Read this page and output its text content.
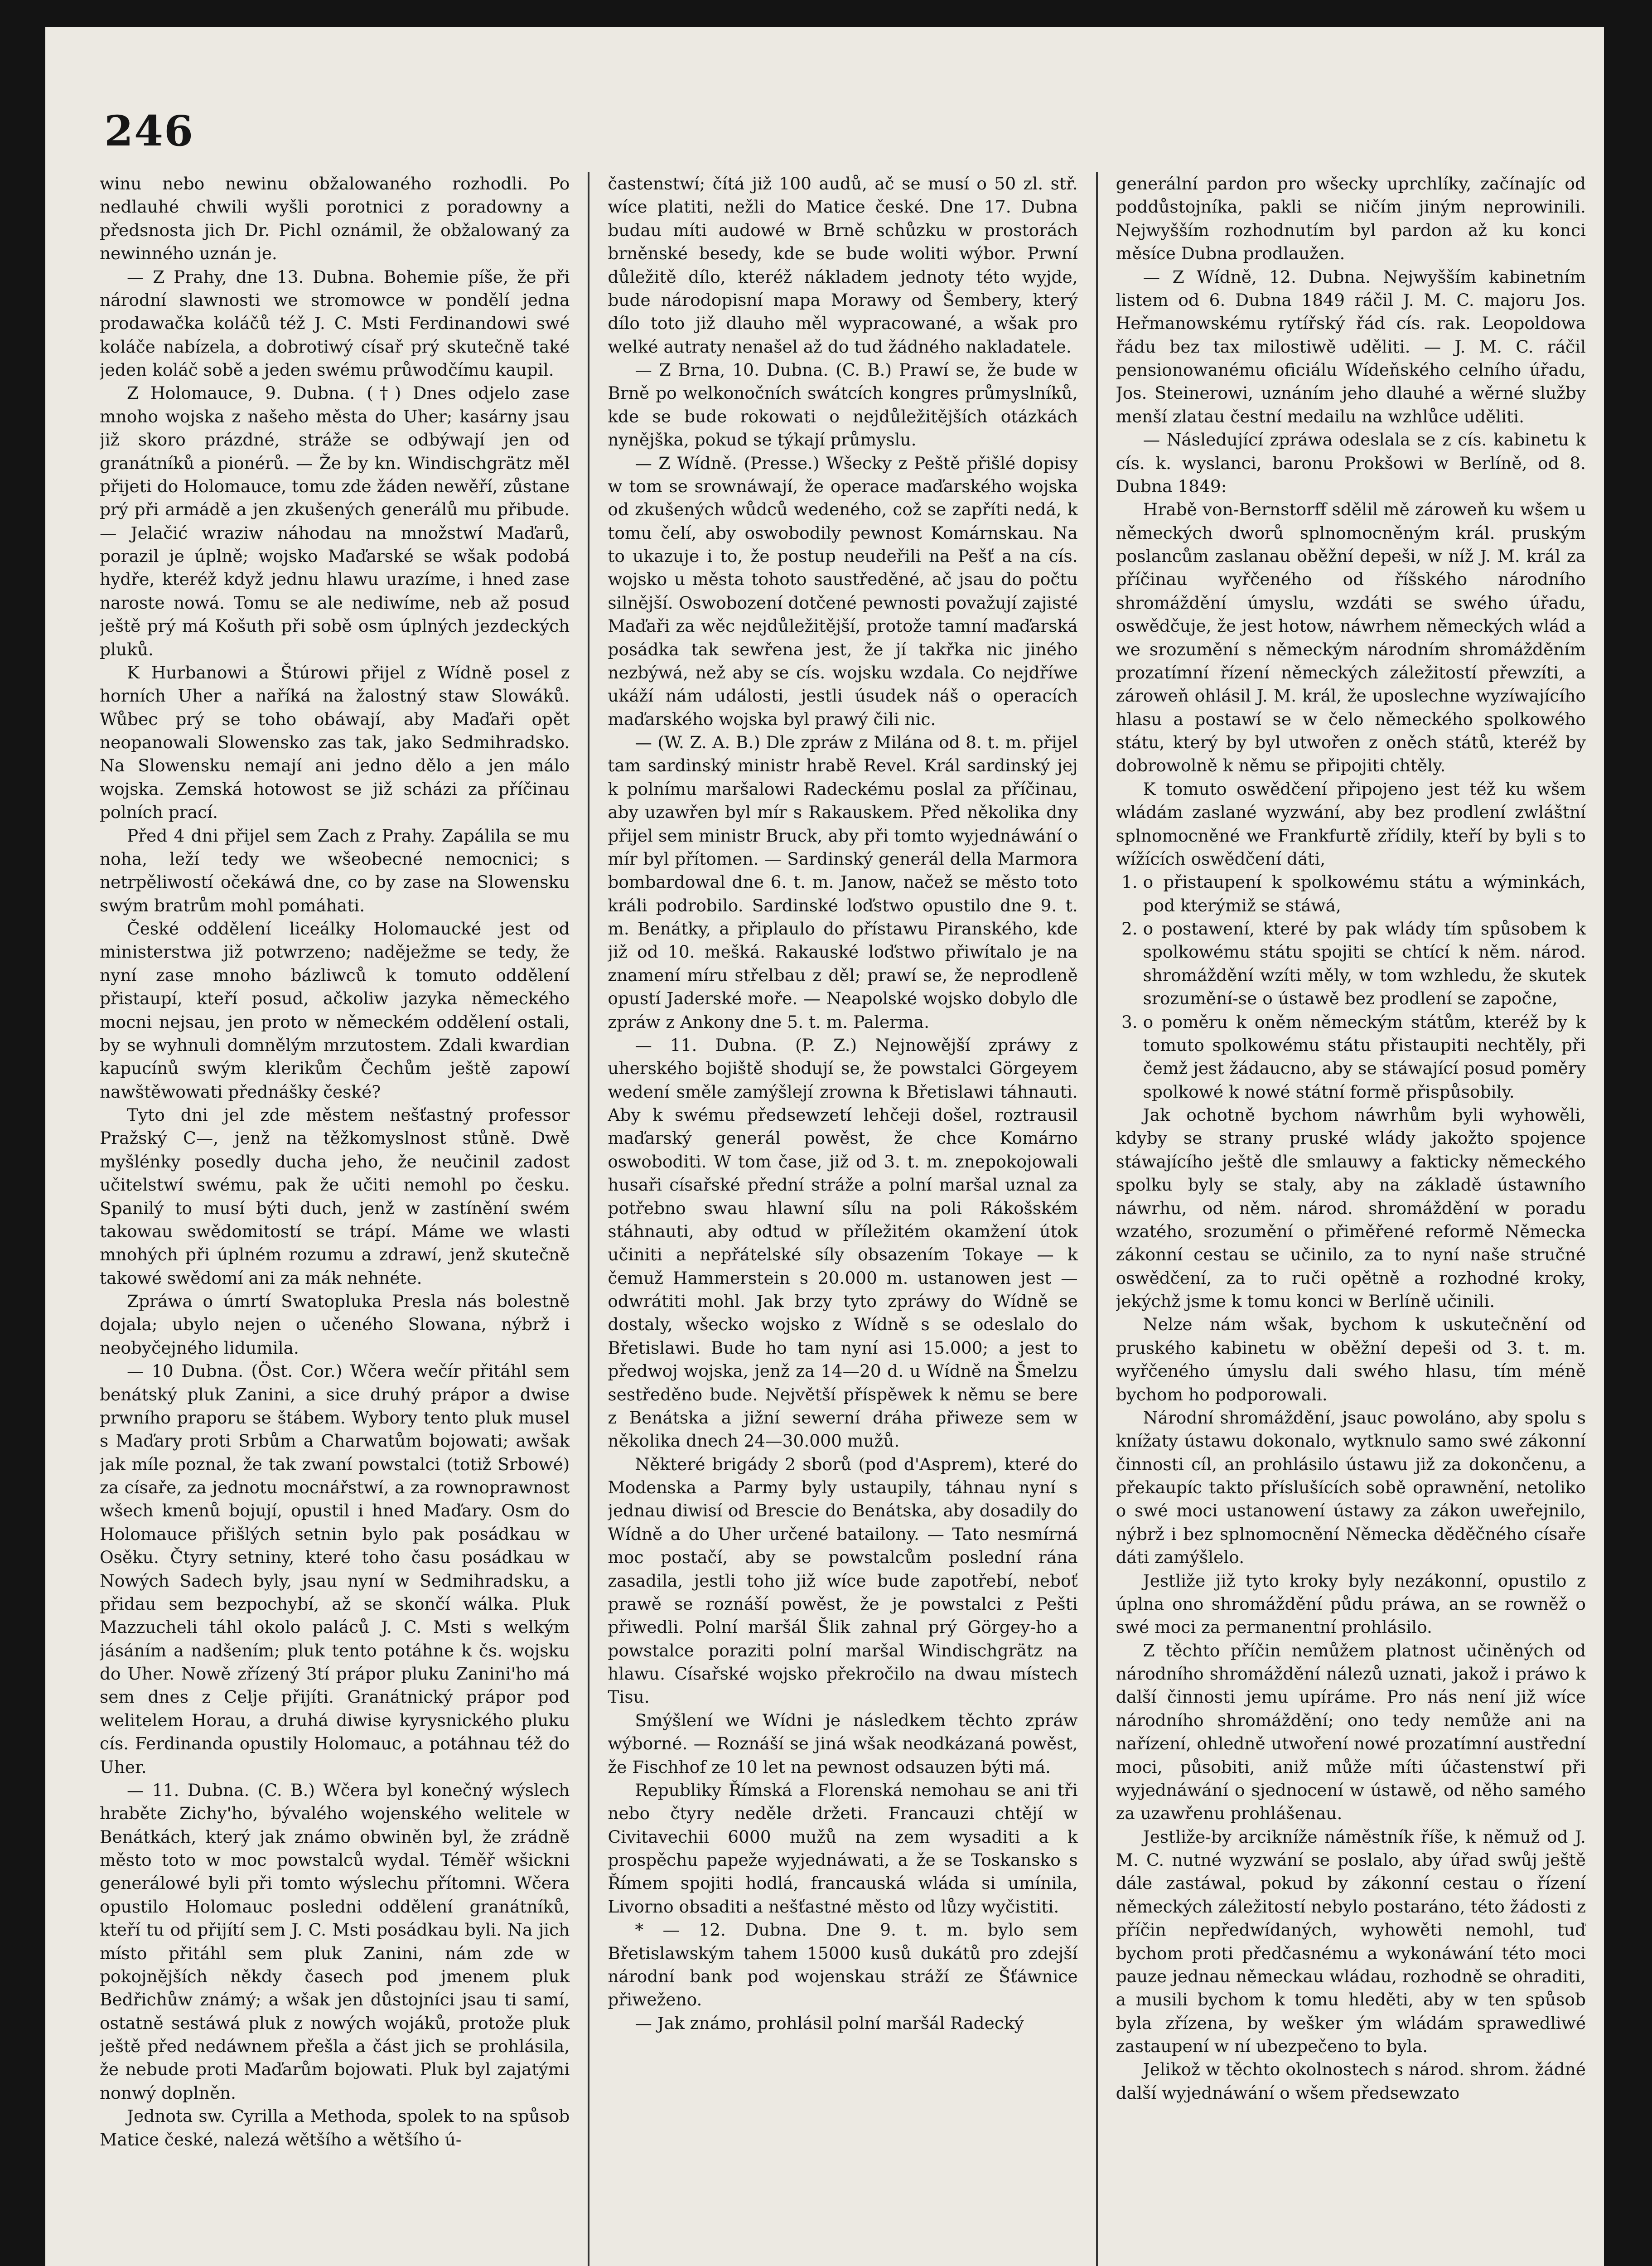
246

winu nebo newinu obžalowaného rozhodli. Po nedlauhé chwili wyšli porotnici z poradowny a předsnosta jich Dr. Pichl oznámil, že obžalowaný za newinného uznán je.

— Z Prahy, dne 13. Dubna. Bohemie píše, že při národní slawnosti we stromowce w pondělí jedna prodawačka koláčů též J. C. Msti Ferdinandowi swé koláče nabízela, a dobrotiwý císař prý skutečně také jeden koláč sobě a jeden swému průwodčímu kaupil.

Z Holomauce, 9. Dubna. (†) Dnes odjelo zase mnoho wojska z našeho města do Uher; kasárny jsau již skoro prázdné, stráže se odbýwají jen od granátníků a pionérů. — Že by kn. Windischgrätz měl přijeti do Holomauce, tomu zde žáden newěří, zůstane prý při armádě a jen zkušených generálů mu přibude. — Jelačić wraziw náhodau na množstwí Maďarů, porazil je úplně; wojsko Maďarské se wšak podobá hydře, kteréž když jednu hlawu urazíme, i hned zase naroste nowá. Tomu se ale nediwíme, neb až posud ještě prý má Košuth při sobě osm úplných jezdeckých pluků.

K Hurbanowi a Štúrowi přijel z Wídně posel z horních Uher a naříká na žalostný staw Slowáků. Wůbec prý se toho obáwají, aby Maďaři opět neopanowali Slowensko zas tak, jako Sedmihradsko. Na Slowensku nemají ani jedno dělo a jen málo wojska. Zemská hotowost se již scházi za příčinau polních prací.

Před 4 dni přijel sem Zach z Prahy. Zapálila se mu noha, leží tedy we wšeobecné nemocnici; s netrpěliwostí očekáwá dne, co by zase na Slowensku swým bratrům mohl pomáhati.

České oddělení liceálky Holomaucké jest od ministerstwa již potwrzeno; naděježme se tedy, že nyní zase mnoho bázliwců k tomuto oddělení přistaupí, kteří posud, ačkoliw jazyka německého mocni nejsau, jen proto w německém oddělení ostali, by se wyhnuli domnělým mrzutostem. Zdali kwardian kapucínů swým klerikům Čechům ještě zapowí nawštěwowati přednášky české?

Tyto dni jel zde městem nešťastný professor Pražský C—, jenž na těžkomyslnost stůně. Dwě myšlénky posedly ducha jeho, že neučinil zadost učitelstwí swému, pak že učiti nemohl po česku. Spanilý to musí býti duch, jenž w zastínění swém takowau swědomitostí se trápí. Máme we wlasti mnohých při úplném rozumu a zdrawí, jenž skutečně takowé swědomí ani za mák nehnéte.

Zpráwa o úmrtí Swatopluka Presla nás bolestně dojala; ubylo nejen o učeného Slowana, nýbrž i neobyčejného lidumila.

— 10 Dubna. (Öst. Cor.) Wčera wečír přitáhl sem benátský pluk Zanini, a sice druhý prápor a dwise prwního praporu se štábem. Wybory tento pluk musel s Maďary proti Srbům a Charwatům bojowati; awšak jak míle poznal, že tak zwaní powstalci (totiž Srbowé) za císaře, za jednotu mocnářstwí, a za rownoprawnost wšech kmenů bojují, opustil i hned Maďary. Osm do Holomauce přišlých setnin bylo pak posádkau w Osěku. Čtyry setniny, které toho času posádkau w Nowých Sadech byly, jsau nyní w Sedmihradsku, a přidau sem bezpochybí, až se skončí wálka. Pluk Mazzucheli táhl okolo paláců J. C. Msti s welkým jásáním a nadšením; pluk tento potáhne k čs. wojsku do Uher. Nowě zřízený 3tí prápor pluku Zanini'ho má sem dnes z Celje přijíti. Granátnický prápor pod welitelem Horau, a druhá diwise kyrysnického pluku cís. Ferdinanda opustily Holomauc, a potáhnau též do Uher.

— 11. Dubna. (C. B.) Wčera byl konečný wýslech hraběte Zichy'ho, bývalého wojenského welitele w Benátkách, který jak známo obwiněn byl, že zrádně město toto w moc powstalců wydal. Téměř wšickni generálowé byli při tomto wýslechu přítomni. Wčera opustilo Holomauc posledni oddělení granátníků, kteří tu od přijítí sem J. C. Msti posádkau byli. Na jich místo přitáhl sem pluk Zanini, nám zde w pokojnějších někdy časech pod jmenem pluk Bedřichůw známý; a wšak jen důstojníci jsau ti samí, ostatně sestáwá pluk z nowých wojáků, protože pluk ještě před nedáwnem přešla a část jich se prohlásila, že nebude proti Maďarům bojowati. Pluk byl zajatými nonwý doplněn.

Jednota sw. Cyrilla a Methoda, spolek to na spůsob Matice české, nalezá wětšího a wětšího ú-

častenstwí; čítá již 100 audů, ač se musí o 50 zl. stř. wíce platiti, nežli do Matice české. Dne 17. Dubna budau míti audowé w Brně schůzku w prostorách brněnské besedy, kde se bude woliti wýbor. Prwní důležitě dílo, kteréž nákladem jednoty této wyjde, bude národopisní mapa Morawy od Šembery, který dílo toto již dlauho měl wypracowané, a wšak pro welké autraty nenašel až do tud žádného nakladatele.

— Z Brna, 10. Dubna. (C. B.) Prawí se, že bude w Brně po welkonočních swátcích kongres průmyslníků, kde se bude rokowati o nejdůležitějších otázkách nynějška, pokud se týkají průmyslu.

— Z Wídně. (Presse.) Wšecky z Peště přišlé dopisy w tom se srownáwají, že operace maďarského wojska od zkušených wůdců wedeného, což se zapříti nedá, k tomu čelí, aby oswobodily pewnost Komárnskau. Na to ukazuje i to, že postup neudeřili na Pešť a na cís. wojsko u města tohoto saustředěné, ač jsau do počtu silnější. Oswobození dotčené pewnosti považují zajisté Maďaři za wěc nejdůležitější, protože tamní maďarská posádka tak sewřena jest, že jí takřka nic jiného nezbýwá, než aby se cís. wojsku wzdala. Co nejdříwe ukáží nám události, jestli úsudek náš o operacích maďarského wojska byl prawý čili nic.

— (W. Z. A. B.) Dle zpráw z Milána od 8. t. m. přijel tam sardinský ministr hrabě Revel. Král sardinský jej k polnímu maršalowi Radeckému poslal za příčinau, aby uzawřen byl mír s Rakauskem. Před několika dny přijel sem ministr Bruck, aby při tomto wyjednáwání o mír byl přítomen. — Sardinský generál della Marmora bombardowal dne 6. t. m. Janow, načež se město toto králi podrobilo. Sardinské loďstwo opustilo dne 9. t. m. Benátky, a připlaulo do přístawu Piranského, kde již od 10. mešká. Rakauské loďstwo přiwítalo je na znamení míru střelbau z děl; prawí se, že neprodleně opustí Jaderské moře. — Neapolské wojsko dobylo dle zpráw z Ankony dne 5. t. m. Palerma.

— 11. Dubna. (P. Z.) Nejnowější zpráwy z uherského bojiště shodují se, že powstalci Görgeyem wedení směle zamýšlejí zrowna k Břetislawi táhnauti. Aby k swému předsewzetí lehčeji došel, roztrausil maďarský generál powěst, že chce Komárno oswoboditi. W tom čase, již od 3. t. m. znepokojowali husaři císařské přední stráže a polní maršal uznal za potřebno swau hlawní sílu na poli Rákošském stáhnauti, aby odtud w příležitém okamžení útok učiniti a nepřátelské síly obsazením Tokaye — k čemuž Hammerstein s 20.000 m. ustanowen jest — odwrátiti mohl. Jak brzy tyto zpráwy do Wídně se dostaly, wšecko wojsko z Wídně s se odeslalo do Břetislawi. Bude ho tam nyní asi 15.000; a jest to předwoj wojska, jenž za 14—20 d. u Wídně na Šmelzu sestředěno bude. Největší příspěwek k němu se bere z Benátska a jižní sewerní dráha přiweze sem w několika dnech 24—30.000 mužů.

Některé brigády 2 sborů (pod d'Asprem), které do Modenska a Parmy byly ustaupily, táhnau nyní s jednau diwisí od Brescie do Benátska, aby dosadily do Wídně a do Uher určené batailony. — Tato nesmírná moc postačí, aby se powstalcům poslední rána zasadila, jestli toho již wíce bude zapotřebí, neboť prawě se roznáší powěst, že je powstalci z Pešti přiwedli. Polní maršál Šlik zahnal prý Görgey-ho a powstalce poraziti polní maršal Windischgrätz na hlawu. Císařské wojsko překročilo na dwau místech Tisu.

Smýšlení we Wídni je následkem těchto zpráw wýborné. — Roznáší se jiná wšak neodkázaná powěst, že Fischhof ze 10 let na pewnost odsauzen býti má.

Republiky Římská a Florenská nemohau se ani tři nebo čtyry neděle držeti. Francauzi chtějí w Civitavechii 6000 mužů na zem wysaditi a k prospěchu papeže wyjednáwati, a že se Toskansko s Římem spojiti hodlá, francauská wláda si umínila, Livorno obsaditi a nešťastné město od lůzy wyčistiti.

* — 12. Dubna. Dne 9. t. m. bylo sem Břetislawským tahem 15000 kusů dukátů pro zdejší národní bank pod wojenskau stráží ze Šťáwnice přiweženo.

— Jak známo, prohlásil polní maršál Radecký

generální pardon pro wšecky uprchlíky, začínajíc od poddůstojníka, pakli se ničím jiným neprowinili. Nejwyšším rozhodnutím byl pardon až ku konci měsíce Dubna prodlaužen.

— Z Wídně, 12. Dubna. Nejwyšším kabinetním listem od 6. Dubna 1849 ráčil J. M. C. majoru Jos. Heřmanowskému rytířský řád cís. rak. Leopoldowa řádu bez tax milostiwě uděliti. — J. M. C. ráčil pensionowanému oficiálu Wídeňského celního úřadu, Jos. Steinerowi, uznáním jeho dlauhé a wěrné služby menší zlatau čestní medailu na wzhlůce uděliti.

— Následující zpráwa odeslala se z cís. kabinetu k cís. k. wyslanci, baronu Prokšowi w Berlíně, od 8. Dubna 1849:

Hrabě von-Bernstorff sdělil mě zároweň ku wšem u německých dworů splnomocněným král. pruským poslancům zaslanau oběžní depeši, w níž J. M. král za příčinau wyřčeného od říšského národního shromáždění úmyslu, wzdáti se swého úřadu, oswědčuje, že jest hotow, náwrhem německých wlád a we srozumění s německým národním shromážděním prozatímní řízení německých záležitostí přewzíti, a zároweň ohlásil J. M. král, že uposlechne wyzíwajícího hlasu a postawí se w čelo německého spolkowého státu, který by byl utwořen z oněch států, kteréž by dobrowolně k němu se připojiti chtěly.

K tomuto oswědčení připojeno jest též ku wšem wládám zaslané wyzwání, aby bez prodlení zwláštní splnomocněné we Frankfurtě zřídily, kteří by byli s to wížících oswědčení dáti,

1. o přistaupení k spolkowému státu a wýminkách, pod kterýmiž se stáwá,
2. o postawení, které by pak wlády tím spůsobem k spolkowému státu spojiti se chtící k něm. národ. shromáždění wzíti měly, w tom wzhledu, že skutek srozumění-se o ústawě bez prodlení se započne,
3. o poměru k oněm německým státům, kteréž by k tomuto spolkowému státu přistaupiti nechtěly, při čemž jest žádaucno, aby se stáwající posud poměry spolkowé k nowé státní formě přispůsobily.

Jak ochotně bychom náwrhům byli wyhowěli, kdyby se strany pruské wlády jakožto spojence stáwajícího ještě dle smlauwy a fakticky německého spolku byly se staly, aby na základě ústawního náwrhu, od něm. národ. shromáždění w poradu wzatého, srozumění o přiměřené reformě Německa zákonní cestau se učinilo, za to nyní naše stručné oswědčení, za to ruči opětně a rozhodné kroky, jekýchž jsme k tomu konci w Berlíně učinili.

Nelze nám wšak, bychom k uskutečnění od pruského kabinetu w oběžní depeši od 3. t. m. wyřčeného úmyslu dali swého hlasu, tím méně bychom ho podporowali.

Národní shromáždění, jsauc powoláno, aby spolu s knížaty ústawu dokonalo, wytknulo samo swé zákonní činnosti cíl, an prohlásilo ústawu již za dokončenu, a překaupíc takto příslušících sobě oprawnění, netoliko o swé moci ustanowení ústawy za zákon uweřejnilo, nýbrž i bez splnomocnění Německa děděčného císaře dáti zamýšlelo.

Jestliže již tyto kroky byly nezákonní, opustilo z úplna ono shromáždění půdu práwa, an se rowněž o swé moci za permanentní prohlásilo.

Z těchto příčin nemůžem platnost učiněných od národního shromáždění nálezů uznati, jakož i práwo k další činnosti jemu upíráme. Pro nás není již wíce národního shromáždění; ono tedy nemůže ani na nařízení, ohledně utwoření nowé prozatímní austřední moci, působiti, aniž může míti účastenstwí při wyjednáwání o sjednocení w ústawě, od něho samého za uzawřenu prohlášenau.

Jestliže-by arcikníže náměstník říše, k němuž od J. M. C. nutné wyzwání se poslalo, aby úřad swůj ještě dále zastáwal, pokud by zákonní cestau o řízení německých záležitostí nebylo postaráno, této žádosti z příčin nepředwídaných, wyhowěti nemohl, tuď bychom proti předčasnému a wykonáwání této moci pauze jednau německau wládau, rozhodně se ohraditi, a musili bychom k tomu hleděti, aby w ten spůsob byla zřízena, by wešker ým wládám sprawedliwé zastaupení w ní ubezpečeno to byla.

Jelikož w těchto okolnostech s národ. shrom. žádné další wyjednáwání o wšem předsewzato
